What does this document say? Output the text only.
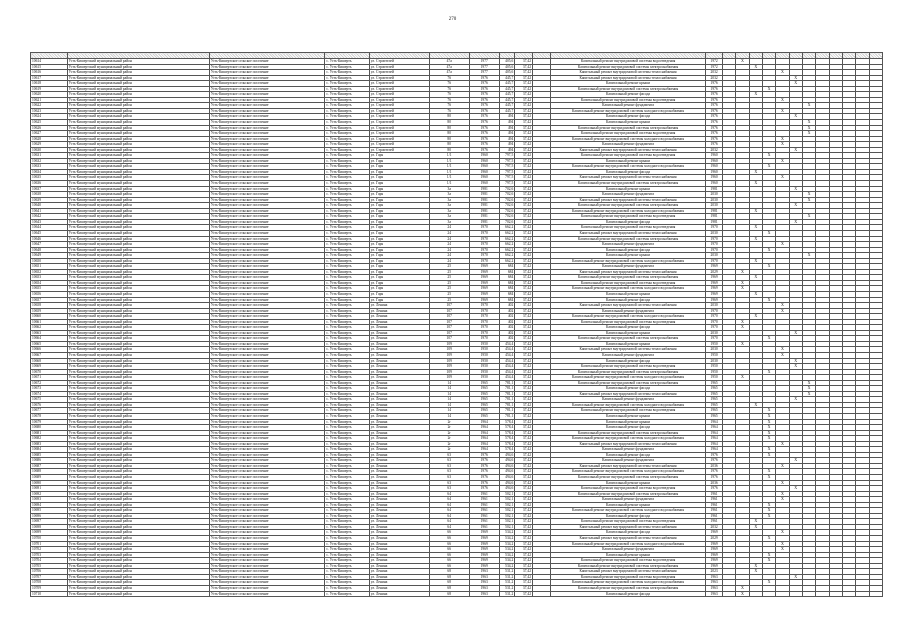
270

10614	Усть-Кишертский муниципальный район	Усть-Кишертское сельское поселение	с. Усть-Кишерть	ул. Строителей	47а	1977	405,6	37,42		Капитальный ремонт внутридомовой системы водоотведения	1972		X										
10615	Усть-Кишертский муниципальный район	Усть-Кишертское сельское поселение	с. Усть-Кишерть	ул. Строителей	47а	1977	405,6	37,42		Капитальный ремонт внутридомовой системы электроснабжения	1972			X									
10616	Усть-Кишертский муниципальный район	Усть-Кишертское сельское поселение	с. Усть-Кишерть	ул. Строителей	47а	1977	405,6	37,42		Капитальный ремонт внутридомовой системы теплоснабжения	2032					X							
10617	Усть-Кишертский муниципальный район	Усть-Кишертское сельское поселение	с. Усть-Кишерть	ул. Строителей	76	1976	445,7	37,42		Капитальный ремонт внутридомовой системы теплоснабжения	2032						X						
10618	Усть-Кишертский муниципальный район	Усть-Кишертское сельское поселение	с. Усть-Кишерть	ул. Строителей	76	1976	445,7	37,42		Капитальный ремонт крыши	1976						X						
10619	Усть-Кишертский муниципальный район	Усть-Кишертское сельское поселение	с. Усть-Кишерть	ул. Строителей	76	1976	445,7	37,42		Капитальный ремонт внутридомовой системы электроснабжения	1976				X								
10620	Усть-Кишертский муниципальный район	Усть-Кишертское сельское поселение	с. Усть-Кишерть	ул. Строителей	76	1976	445,7	37,42		Капитальный ремонт фасада	1976			X									
10621	Усть-Кишертский муниципальный район	Усть-Кишертское сельское поселение	с. Усть-Кишерть	ул. Строителей	76	1976	445,7	37,42		Капитальный ремонт внутридомовой системы водоотведения	1976					X							
10622	Усть-Кишертский муниципальный район	Усть-Кишертское сельское поселение	с. Усть-Кишерть	ул. Строителей	76	1976	445,7	37,42		Капитальный ремонт фундамента	1976							X					
10623	Усть-Кишертский муниципальный район	Усть-Кишертское сельское поселение	с. Усть-Кишерть	ул. Строителей	76	1976	445,7	37,42		Капитальный ремонт внутридомовой системы холодного водоснабжения	1976					X							
10624	Усть-Кишертский муниципальный район	Усть-Кишертское сельское поселение	с. Усть-Кишерть	ул. Строителей	80	1976	494	37,42		Капитальный ремонт фасада	1976						X						
10625	Усть-Кишертский муниципальный район	Усть-Кишертское сельское поселение	с. Усть-Кишерть	ул. Строителей	80	1976	494	37,42		Капитальный ремонт крыши	1976							X					
10626	Усть-Кишертский муниципальный район	Усть-Кишертское сельское поселение	с. Усть-Кишерть	ул. Строителей	80	1976	494	37,42		Капитальный ремонт внутридомовой системы электроснабжения	1976							X					
10627	Усть-Кишертский муниципальный район	Усть-Кишертское сельское поселение	с. Усть-Кишерть	ул. Строителей	80	1976	494	37,42		Капитальный ремонт внутридомовой системы водоотведения	1976							X					
10628	Усть-Кишертский муниципальный район	Усть-Кишертское сельское поселение	с. Усть-Кишерть	ул. Строителей	80	1976	494	37,42		Капитальный ремонт внутридомовой системы холодного водоснабжения	1976					X							
10629	Усть-Кишертский муниципальный район	Усть-Кишертское сельское поселение	с. Усть-Кишерть	ул. Строителей	80	1976	494	37,42		Капитальный ремонт фундамента	1976					X							
10630	Усть-Кишертский муниципальный район	Усть-Кишертское сельское поселение	с. Усть-Кишерть	ул. Строителей	80	1976	494	37,42		Капитальный ремонт внутридомовой системы теплоснабжения	2032						X						
10631	Усть-Кишертский муниципальный район	Усть-Кишертское сельское поселение	с. Усть-Кишерть	ул. Гаря	1/1	1960	797,5	37,42		Капитальный ремонт внутридомовой системы водоотведения	1960				X								
10632	Усть-Кишертский муниципальный район	Усть-Кишертское сельское поселение	с. Усть-Кишерть	ул. Гаря	1/1	1960	797,5	37,42		Капитальный ремонт крыши	1960					X							
10633	Усть-Кишертский муниципальный район	Усть-Кишертское сельское поселение	с. Усть-Кишерть	ул. Гаря	1/1	1960	797,5	37,42		Капитальный ремонт внутридомовой системы холодного водоснабжения	1960				X								
10634	Усть-Кишертский муниципальный район	Усть-Кишертское сельское поселение	с. Усть-Кишерть	ул. Гаря	1/1	1960	797,5	37,42		Капитальный ремонт фасада	1960			X									
10635	Усть-Кишертский муниципальный район	Усть-Кишертское сельское поселение	с. Усть-Кишерть	ул. Гаря	1/1	1960	797,5	37,42		Капитальный ремонт внутридомовой системы теплоснабжения	1960					X							
10636	Усть-Кишертский муниципальный район	Усть-Кишертское сельское поселение	с. Усть-Кишерть	ул. Гаря	1/1	1960	797,5	37,42		Капитальный ремонт внутридомовой системы электроснабжения	1960			X									
10637	Усть-Кишертский муниципальный район	Усть-Кишертское сельское поселение	с. Усть-Кишерть	ул. Гаря	3а	1981	702,6	37,42		Капитальный ремонт крыши	1981						X						
10638	Усть-Кишертский муниципальный район	Усть-Кишертское сельское поселение	с. Усть-Кишерть	ул. Гаря	3а	1981	702,6	37,42		Капитальный ремонт фундамента	2030							X					
10639	Усть-Кишертский муниципальный район	Усть-Кишертское сельское поселение	с. Усть-Кишерть	ул. Гаря	3а	1981	702,6	37,42		Капитальный ремонт внутридомовой системы теплоснабжения	2030							X					
10640	Усть-Кишертский муниципальный район	Усть-Кишертское сельское поселение	с. Усть-Кишерть	ул. Гаря	3а	1981	702,6	37,42		Капитальный ремонт внутридомовой системы электроснабжения	2030						X						
10641	Усть-Кишертский муниципальный район	Усть-Кишертское сельское поселение	с. Усть-Кишерть	ул. Гаря	3а	1981	702,6	37,42		Капитальный ремонт внутридомовой системы холодного водоснабжения	1981			X									
10642	Усть-Кишертский муниципальный район	Усть-Кишертское сельское поселение	с. Усть-Кишерть	ул. Гаря	3а	1981	702,6	37,42		Капитальный ремонт внутридомовой системы водоотведения	1981							X					
10643	Усть-Кишертский муниципальный район	Усть-Кишертское сельское поселение	с. Усть-Кишерть	ул. Гаря	3а	1981	702,6	37,42		Капитальный ремонт фасада	1981						X						
10644	Усть-Кишертский муниципальный район	Усть-Кишертское сельское поселение	с. Усть-Кишерть	ул. Гаря	24	1970	662,2	37,42		Капитальный ремонт внутридомовой системы водоотведения	1970			X									
10645	Усть-Кишертский муниципальный район	Усть-Кишертское сельское поселение	с. Усть-Кишерть	ул. Гаря	24	1970	662,2	37,42		Капитальный ремонт внутридомовой системы теплоснабжения	2030				X								
10646	Усть-Кишертский муниципальный район	Усть-Кишертское сельское поселение	с. Усть-Кишерть	ул. Гаря	24	1970	662,2	37,42		Капитальный ремонт внутридомовой системы электроснабжения	1970			X									
10647	Усть-Кишертский муниципальный район	Усть-Кишертское сельское поселение	с. Усть-Кишерть	ул. Гаря	24	1970	662,2	37,42		Капитальный ремонт фундамента	1970					X							
10648	Усть-Кишертский муниципальный район	Усть-Кишертское сельское поселение	с. Усть-Кишерть	ул. Гаря	24	1970	662,2	37,42		Капитальный ремонт фасада	1970				X								
10649	Усть-Кишертский муниципальный район	Усть-Кишертское сельское поселение	с. Усть-Кишерть	ул. Гаря	24	1970	662,2	37,42		Капитальный ремонт крыши	2030							X					
10650	Усть-Кишертский муниципальный район	Усть-Кишертское сельское поселение	с. Усть-Кишерть	ул. Гаря	24	1970	662,2	37,42		Капитальный ремонт внутридомовой системы холодного водоснабжения	1970			X									
10651	Усть-Кишертский муниципальный район	Усть-Кишертское сельское поселение	с. Усть-Кишерть	ул. Гаря	25	1969	684	37,42		Капитальный ремонт фундамента	1969				X								
10652	Усть-Кишертский муниципальный район	Усть-Кишертское сельское поселение	с. Усть-Кишерть	ул. Гаря	25	1969	684	37,42		Капитальный ремонт внутридомовой системы теплоснабжения	2029		X										
10653	Усть-Кишертский муниципальный район	Усть-Кишертское сельское поселение	с. Усть-Кишерть	ул. Гаря	25	1969	684	37,42		Капитальный ремонт внутридомовой системы электроснабжения	1969			X									
10654	Усть-Кишертский муниципальный район	Усть-Кишертское сельское поселение	с. Усть-Кишерть	ул. Гаря	25	1969	684	37,42		Капитальный ремонт внутридомовой системы водоотведения	1969		X										
10655	Усть-Кишертский муниципальный район	Усть-Кишертское сельское поселение	с. Усть-Кишерть	ул. Гаря	25	1969	684	37,42		Капитальный ремонт внутридомовой системы холодного водоснабжения	1969		X										
10656	Усть-Кишертский муниципальный район	Усть-Кишертское сельское поселение	с. Усть-Кишерть	ул. Гаря	25	1969	684	37,42		Капитальный ремонт крыши	1969			X									
10657	Усть-Кишертский муниципальный район	Усть-Кишертское сельское поселение	с. Усть-Кишерть	ул. Гаря	25	1969	684	37,42		Капитальный ремонт фасада	1969				X								
10658	Усть-Кишертский муниципальный район	Усть-Кишертское сельское поселение	с. Усть-Кишерть	ул. Ленина	107	1970	402	37,42		Капитальный ремонт внутридомовой системы теплоснабжения	2030					X							
10659	Усть-Кишертский муниципальный район	Усть-Кишертское сельское поселение	с. Усть-Кишерть	ул. Ленина	107	1970	402	37,42		Капитальный ремонт фундамента	1970					X							
10660	Усть-Кишертский муниципальный район	Усть-Кишертское сельское поселение	с. Усть-Кишерть	ул. Ленина	107	1970	402	37,42		Капитальный ремонт внутридомовой системы холодного водоснабжения	1970			X									
10661	Усть-Кишертский муниципальный район	Усть-Кишертское сельское поселение	с. Усть-Кишерть	ул. Ленина	107	1970	402	37,42		Капитальный ремонт внутридомовой системы водоотведения	1970		X										
10662	Усть-Кишертский муниципальный район	Усть-Кишертское сельское поселение	с. Усть-Кишерть	ул. Ленина	107	1970	402	37,42		Капитальный ремонт фасада	1970		X										
10663	Усть-Кишертский муниципальный район	Усть-Кишертское сельское поселение	с. Усть-Кишерть	ул. Ленина	107	1970	402	37,42		Капитальный ремонт крыши	2030						X						
10664	Усть-Кишертский муниципальный район	Усть-Кишертское сельское поселение	с. Усть-Кишерть	ул. Ленина	107	1970	402	37,42		Капитальный ремонт внутридомовой системы электроснабжения	1970				X								
10665	Усть-Кишертский муниципальный район	Усть-Кишертское сельское поселение	с. Усть-Кишерть	ул. Ленина	109	1950	454,4	37,42		Капитальный ремонт крыши	1950		X										
10666	Усть-Кишертский муниципальный район	Усть-Кишертское сельское поселение	с. Усть-Кишерть	ул. Ленина	109	1950	454,4	37,42		Капитальный ремонт внутридомовой системы теплоснабжения	2030					X							
10667	Усть-Кишертский муниципальный район	Усть-Кишертское сельское поселение	с. Усть-Кишерть	ул. Ленина	109	1950	454,4	37,42		Капитальный ремонт фундамента	1950					X							
10668	Усть-Кишертский муниципальный район	Усть-Кишертское сельское поселение	с. Усть-Кишерть	ул. Ленина	109	1950	454,4	37,42		Капитальный ремонт фасада	2030						X						
10669	Усть-Кишертский муниципальный район	Усть-Кишертское сельское поселение	с. Усть-Кишерть	ул. Ленина	109	1950	454,4	37,42		Капитальный ремонт внутридомовой системы водоотведения	1950						X						
10670	Усть-Кишертский муниципальный район	Усть-Кишертское сельское поселение	с. Усть-Кишерть	ул. Ленина	109	1950	454,4	37,42		Капитальный ремонт внутридомовой системы электроснабжения	1950				X								
10671	Усть-Кишертский муниципальный район	Усть-Кишертское сельское поселение	с. Усть-Кишерть	ул. Ленина	109	1950	454,4	37,42		Капитальный ремонт внутридомовой системы холодного водоснабжения	1950		X										
10672	Усть-Кишертский муниципальный район	Усть-Кишертское сельское поселение	с. Усть-Кишерть	ул. Ленина	14	1965	781,1	37,42		Капитальный ремонт внутридомовой системы электроснабжения	1965							X					
10673	Усть-Кишертский муниципальный район	Усть-Кишертское сельское поселение	с. Усть-Кишерть	ул. Ленина	14	1965	781,1	37,42		Капитальный ремонт фасада	1965							X					
10674	Усть-Кишертский муниципальный район	Усть-Кишертское сельское поселение	с. Усть-Кишерть	ул. Ленина	14	1965	781,1	37,42		Капитальный ремонт внутридомовой системы теплоснабжения	1965							X					
10675	Усть-Кишертский муниципальный район	Усть-Кишертское сельское поселение	с. Усть-Кишерть	ул. Ленина	14	1965	781,1	37,42		Капитальный ремонт фундамента	1965						X						
10676	Усть-Кишертский муниципальный район	Усть-Кишертское сельское поселение	с. Усть-Кишерть	ул. Ленина	14	1965	781,1	37,42		Капитальный ремонт внутридомовой системы холодного водоснабжения	1965			X									
10677	Усть-Кишертский муниципальный район	Усть-Кишертское сельское поселение	с. Усть-Кишерть	ул. Ленина	14	1965	781,1	37,42		Капитальный ремонт внутридомовой системы водоотведения	1965				X								
10678	Усть-Кишертский муниципальный район	Усть-Кишертское сельское поселение	с. Усть-Кишерть	ул. Ленина	14	1965	781,1	37,42		Капитальный ремонт крыши	1965				X								
10679	Усть-Кишертский муниципальный район	Усть-Кишертское сельское поселение	с. Усть-Кишерть	ул. Ленина	2г	1964	578,4	37,42		Капитальный ремонт крыши	1964				X								
10680	Усть-Кишертский муниципальный район	Усть-Кишертское сельское поселение	с. Усть-Кишерть	ул. Ленина	2г	1964	578,4	37,42		Капитальный ремонт фасада	1964				X								
10681	Усть-Кишертский муниципальный район	Усть-Кишертское сельское поселение	с. Усть-Кишерть	ул. Ленина	2г	1964	578,4	37,42		Капитальный ремонт внутридомовой системы электроснабжения	1964				X								
10682	Усть-Кишертский муниципальный район	Усть-Кишертское сельское поселение	с. Усть-Кишерть	ул. Ленина	2г	1964	578,4	37,42		Капитальный ремонт внутридомовой системы холодного водоснабжения	1964				X								
10683	Усть-Кишертский муниципальный район	Усть-Кишертское сельское поселение	с. Усть-Кишерть	ул. Ленина	2г	1964	578,4	37,42		Капитальный ремонт внутридомовой системы теплоснабжения	1964					X							
10684	Усть-Кишертский муниципальный район	Усть-Кишертское сельское поселение	с. Усть-Кишерть	ул. Ленина	2г	1964	578,4	37,42		Капитальный ремонт фундамента	1964				X								
10685	Усть-Кишертский муниципальный район	Усть-Кишертское сельское поселение	с. Усть-Кишерть	ул. Ленина	63	1976	494,6	37,42		Капитальный ремонт фасада	1976				X								
10686	Усть-Кишертский муниципальный район	Усть-Кишертское сельское поселение	с. Усть-Кишерть	ул. Ленина	63	1976	494,6	37,42		Капитальный ремонт фундамента	1976						X						
10687	Усть-Кишертский муниципальный район	Усть-Кишертское сельское поселение	с. Усть-Кишерть	ул. Ленина	63	1976	494,6	37,42		Капитальный ремонт внутридомовой системы теплоснабжения	2036					X							
10688	Усть-Кишертский муниципальный район	Усть-Кишертское сельское поселение	с. Усть-Кишерть	ул. Ленина	63	1976	494,6	37,42		Капитальный ремонт внутридомовой системы холодного водоснабжения	1976				X								
10689	Усть-Кишертский муниципальный район	Усть-Кишертское сельское поселение	с. Усть-Кишерть	ул. Ленина	63	1976	494,6	37,42		Капитальный ремонт внутридомовой системы электроснабжения	1976				X								
10690	Усть-Кишертский муниципальный район	Усть-Кишертское сельское поселение	с. Усть-Кишерть	ул. Ленина	63	1976	494,6	37,42		Капитальный ремонт крыши	2036					X							
10691	Усть-Кишертский муниципальный район	Усть-Кишертское сельское поселение	с. Усть-Кишерть	ул. Ленина	63	1976	494,6	37,42		Капитальный ремонт внутридомовой системы водоотведения	1976						X						
10692	Усть-Кишертский муниципальный район	Усть-Кишертское сельское поселение	с. Усть-Кишерть	ул. Ленина	64	1961	502,1	37,42		Капитальный ремонт внутридомовой системы электроснабжения	1961					X							
10693	Усть-Кишертский муниципальный район	Усть-Кишертское сельское поселение	с. Усть-Кишерть	ул. Ленина	64	1961	502,1	37,42		Капитальный ремонт фундамента	1961					X							
10694	Усть-Кишертский муниципальный район	Усть-Кишертское сельское поселение	с. Усть-Кишерть	ул. Ленина	64	1961	502,1	37,42		Капитальный ремонт крыши	1961				X								
10695	Усть-Кишертский муниципальный район	Усть-Кишертское сельское поселение	с. Усть-Кишерть	ул. Ленина	64	1961	502,1	37,42		Капитальный ремонт внутридомовой системы холодного водоснабжения	1961				X								
10696	Усть-Кишертский муниципальный район	Усть-Кишертское сельское поселение	с. Усть-Кишерть	ул. Ленина	64	1961	502,1	37,42		Капитальный ремонт фасада	1961				X								
10697	Усть-Кишертский муниципальный район	Усть-Кишертское сельское поселение	с. Усть-Кишерть	ул. Ленина	64	1961	502,1	37,42		Капитальный ремонт внутридомовой системы водоотведения	1961			X									
10698	Усть-Кишертский муниципальный район	Усть-Кишертское сельское поселение	с. Усть-Кишерть	ул. Ленина	64	1961	502,1	37,42		Капитальный ремонт внутридомовой системы теплоснабжения	2032			X									
10699	Усть-Кишертский муниципальный район	Усть-Кишертское сельское поселение	с. Усть-Кишерть	ул. Ленина	66	1969	534,2	37,42		Капитальный ремонт фасада	1969					X							
10700	Усть-Кишертский муниципальный район	Усть-Кишертское сельское поселение	с. Усть-Кишерть	ул. Ленина	66	1969	534,2	37,42		Капитальный ремонт внутридомовой системы теплоснабжения	2029				X								
10701	Усть-Кишертский муниципальный район	Усть-Кишертское сельское поселение	с. Усть-Кишерть	ул. Ленина	66	1969	534,2	37,42		Капитальный ремонт внутридомовой системы холодного водоснабжения	1969					X							
10702	Усть-Кишертский муниципальный район	Усть-Кишертское сельское поселение	с. Усть-Кишерть	ул. Ленина	66	1969	534,2	37,42		Капитальный ремонт фундамента	1969					X							
10703	Усть-Кишертский муниципальный район	Усть-Кишертское сельское поселение	с. Усть-Кишерть	ул. Ленина	66	1969	534,2	37,42		Капитальный ремонт крыши	1969				X								
10704	Усть-Кишертский муниципальный район	Усть-Кишертское сельское поселение	с. Усть-Кишерть	ул. Ленина	66	1969	534,2	37,42		Капитальный ремонт внутридомовой системы водоотведения	1969				X								
10705	Усть-Кишертский муниципальный район	Усть-Кишертское сельское поселение	с. Усть-Кишерть	ул. Ленина	66	1969	534,2	37,42		Капитальный ремонт внутридомовой системы электроснабжения	1969			X									
10706	Усть-Кишертский муниципальный район	Усть-Кишертское сельское поселение	с. Усть-Кишерть	ул. Ленина	68	1963	531,2	37,42		Капитальный ремонт внутридомовой системы теплоснабжения	2023			X									
10707	Усть-Кишертский муниципальный район	Усть-Кишертское сельское поселение	с. Усть-Кишерть	ул. Ленина	68	1963	531,2	37,42		Капитальный ремонт внутридомовой системы водоотведения	1963						X						
10708	Усть-Кишертский муниципальный район	Усть-Кишертское сельское поселение	с. Усть-Кишерть	ул. Ленина	68	1963	531,2	37,42		Капитальный ремонт внутридомовой системы холодного водоснабжения	1963				X								
10709	Усть-Кишертский муниципальный район	Усть-Кишертское сельское поселение	с. Усть-Кишерть	ул. Ленина	68	1963	531,2	37,42		Капитальный ремонт внутридомовой системы электроснабжения	1963		X										
10710	Усть-Кишертский муниципальный район	Усть-Кишертское сельское поселение	с. Усть-Кишерть	ул. Ленина	68	1963	531,2	37,42		Капитальный ремонт фасада	1963		X										
